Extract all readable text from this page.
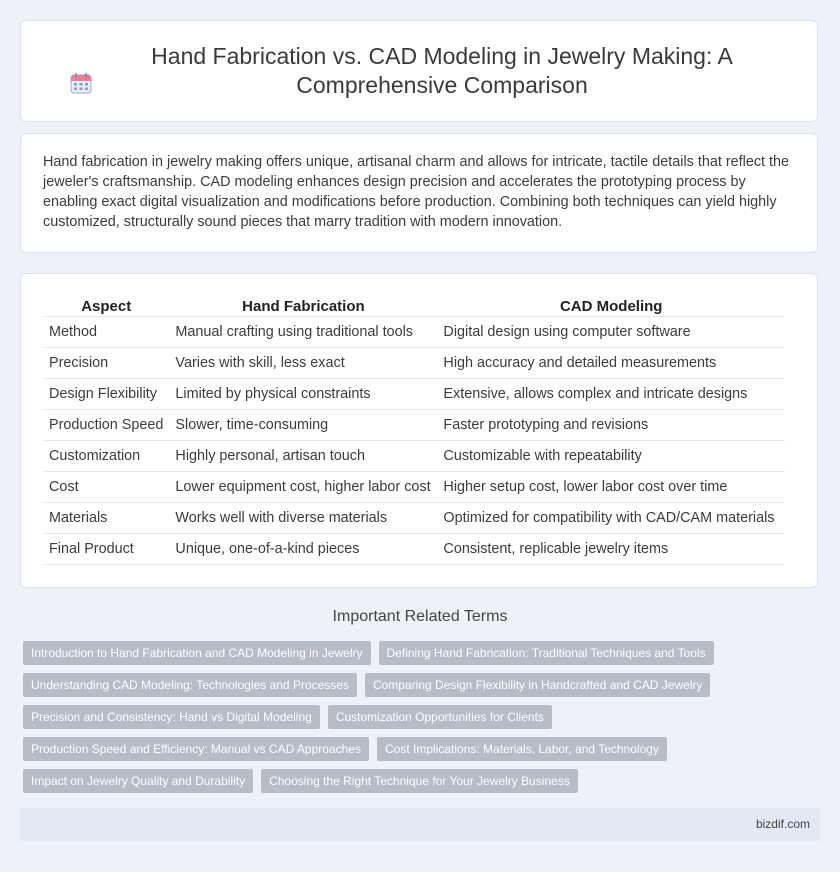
Hand Fabrication vs. CAD Modeling in Jewelry Making: A Comprehensive Comparison

Hand fabrication in jewelry making offers unique, artisanal charm and allows for intricate, tactile details that reflect the jeweler's craftsmanship. CAD modeling enhances design precision and accelerates the prototyping process by enabling exact digital visualization and modifications before production. Combining both techniques can yield highly customized, structurally sound pieces that marry tradition with modern innovation.

Aspect	Hand Fabrication	CAD Modeling
Method	Manual crafting using traditional tools	Digital design using computer software
Precision	Varies with skill, less exact	High accuracy and detailed measurements
Design Flexibility	Limited by physical constraints	Extensive, allows complex and intricate designs
Production Speed	Slower, time-consuming	Faster prototyping and revisions
Customization	Highly personal, artisan touch	Customizable with repeatability
Cost	Lower equipment cost, higher labor cost	Higher setup cost, lower labor cost over time
Materials	Works well with diverse materials	Optimized for compatibility with CAD/CAM materials
Final Product	Unique, one-of-a-kind pieces	Consistent, replicable jewelry items
Important Related Terms
Introduction to Hand Fabrication and CAD Modeling in Jewelry	Defining Hand Fabrication: Traditional Techniques and Tools
Understanding CAD Modeling: Technologies and Processes	Comparing Design Flexibility in Handcrafted and CAD Jewelry
Precision and Consistency: Hand vs Digital Modeling	Customization Opportunities for Clients
Production Speed and Efficiency: Manual vs CAD Approaches	Cost Implications: Materials, Labor, and Technology
Impact on Jewelry Quality and Durability	Choosing the Right Technique for Your Jewelry Business
bizdif.com
